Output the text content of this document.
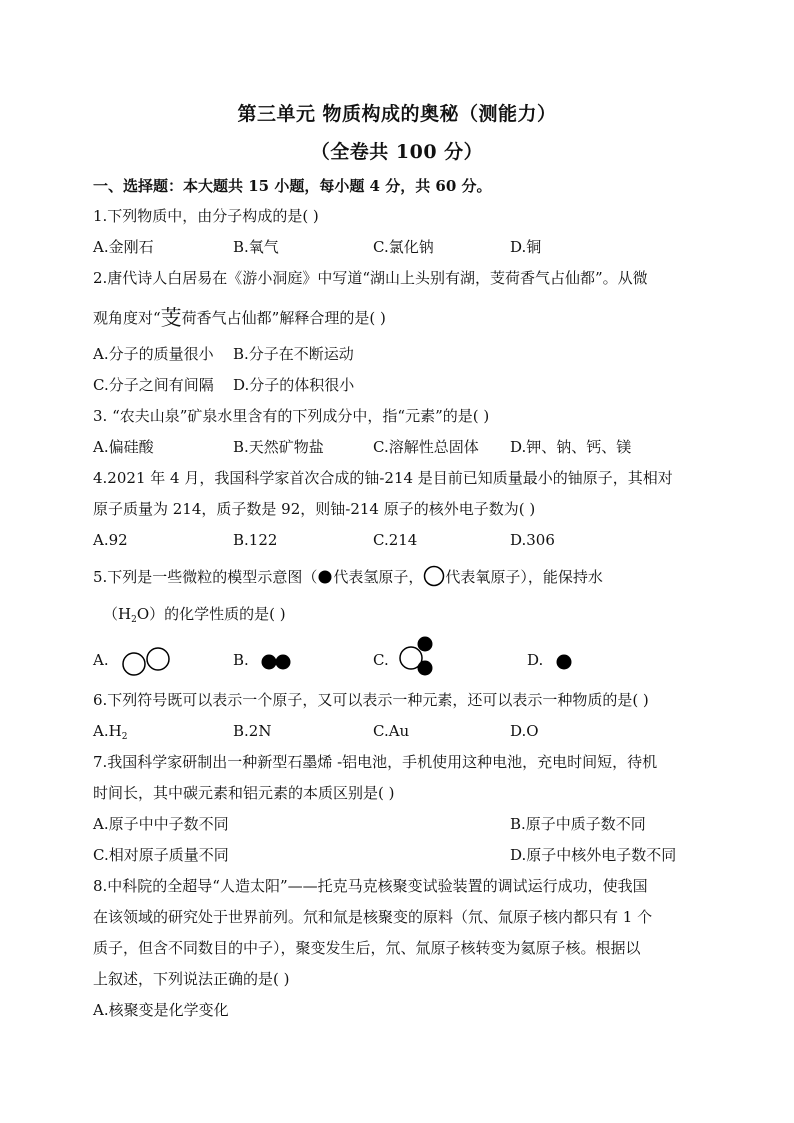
第三单元 物质构成的奥秘（测能力）
（全卷共 100 分）
一、选择题：本大题共 15 小题，每小题 4 分，共 60 分。
1.下列物质中，由分子构成的是( )
A.金刚石	B.氧气	C.氯化钠	D.铜
2.唐代诗人白居易在《游小洞庭》中写道“湖山上头别有湖，芰荷香气占仙都”。从微
观角度对“芰荷香气占仙都”解释合理的是( )
A.分子的质量很小 B.分子在不断运动
C.分子之间有间隔 D.分子的体积很小
3. “农夫山泉”矿泉水里含有的下列成分中，指“元素”的是( )
A.偏硅酸	B.天然矿物盐	C.溶解性总固体 D.钾、钠、钙、镁
4.2021 年 4 月，我国科学家首次合成的铀-214 是目前已知质量最小的铀原子，其相对
原子质量为 214，质子数是 92，则铀-214 原子的核外电子数为( )
A.92	B.122	C.214	D.306
5.下列是一些微粒的模型示意图（ 代表氢原子， 代表氧原子），能保持水
$(H_2O)$的化学性质的是( )
A.	B.	C.	D.
6.下列符号既可以表示一个原子，又可以表示一种元素，还可以表示一种物质的是( )
$A.H_2$	B.2N	C.Au	D.O
7.我国科学家研制出一种新型石墨烯 -铝电池，手机使用这种电池，充电时间短，待机
时间长，其中碳元素和铝元素的本质区别是( )
A.原子中中子数不同	B.原子中质子数不同
C.相对原子质量不同	D.原子中核外电子数不同
8.中科院的全超导“人造太阳”——托克马克核聚变试验装置的调试运行成功，使我国
在该领域的研究处于世界前列。氘和氚是核聚变的原料（氘、氚原子核内都只有 1 个
质子，但含不同数目的中子），聚变发生后，氘、氚原子核转变为氦原子核。根据以
上叙述，下列说法正确的是( )
A.核聚变是化学变化
